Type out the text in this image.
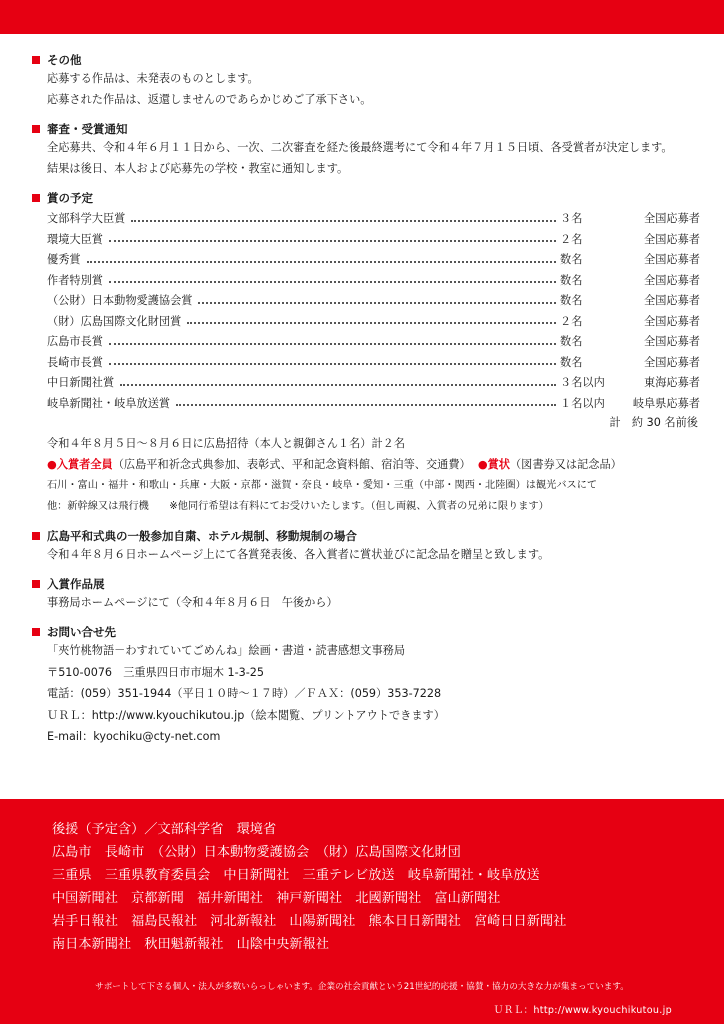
その他
応募する作品は、未発表のものとします。
応募された作品は、返還しませんのであらかじめご了承下さい。
審査・受賞通知
全応募共、令和４年６月１１日から、一次、二次審査を経た後最終選考にて令和４年７月１５日頃、各受賞者が決定します。
結果は後日、本人および応募先の学校・教室に通知します。
賞の予定
文部科学大臣賞	３名	全国応募者
環境大臣賞	２名	全国応募者
優秀賞	数名	全国応募者
作者特別賞	数名	全国応募者
（公財）日本動物愛護協会賞	数名	全国応募者
（財）広島国際文化財団賞	２名	全国応募者
広島市長賞	数名	全国応募者
長崎市長賞	数名	全国応募者
中日新聞社賞	３名以内	東海応募者
岐阜新聞社・岐阜放送賞	１名以内	岐阜県応募者
計　約 30 名前後
令和４年８月５日～８月６日に広島招待（本人と親御さん１名）計２名
●入賞者全員（広島平和祈念式典参加、表彰式、平和記念資料館、宿泊等、交通費） ●賞状（図書券又は記念品）
石川・富山・福井・和歌山・兵庫・大阪・京都・滋賀・奈良・岐阜・愛知・三重（中部・関西・北陸圏）は観光バスにて
他：新幹線又は飛行機　　※他同行希望は有料にてお受けいたします。（但し両親、入賞者の兄弟に限ります）
広島平和式典の一般参加自粛、ホテル規制、移動規制の場合
令和４年８月６日ホームページ上にて各賞発表後、各入賞者に賞状並びに記念品を贈呈と致します。
入賞作品展
事務局ホームページにて（令和４年８月６日　午後から）
お問い合せ先
「夾竹桃物語－わすれていてごめんね」絵画・書道・読書感想文事務局
〒510-0076　三重県四日市市堀木 1-3-25
電話：(059）351-1944（平日１０時～１７時）／ＦＡＸ：(059）353-7228
ＵＲＬ：http://www.kyouchikutou.jp（絵本閲覧、プリントアウトできます）
E-mail：kyochiku@cty-net.com
後援（予定含）／文部科学省　環境省
広島市　長崎市　（公財）日本動物愛護協会　（財）広島国際文化財団
三重県　三重県教育委員会　中日新聞社　三重テレビ放送　岐阜新聞社・岐阜放送
中国新聞社　京都新聞　福井新聞社　神戸新聞社　北國新聞社　富山新聞社
岩手日報社　福島民報社　河北新報社　山陽新聞社　熊本日日新聞社　宮崎日日新聞社
南日本新聞社　秋田魁新報社　山陰中央新報社
サポートして下さる個人・法人が多数いらっしゃいます。企業の社会貢献という21世紀的応援・協賛・協力の大きな力が集まっています。
ＵＲＬ：http://www.kyouchikutou.jp
